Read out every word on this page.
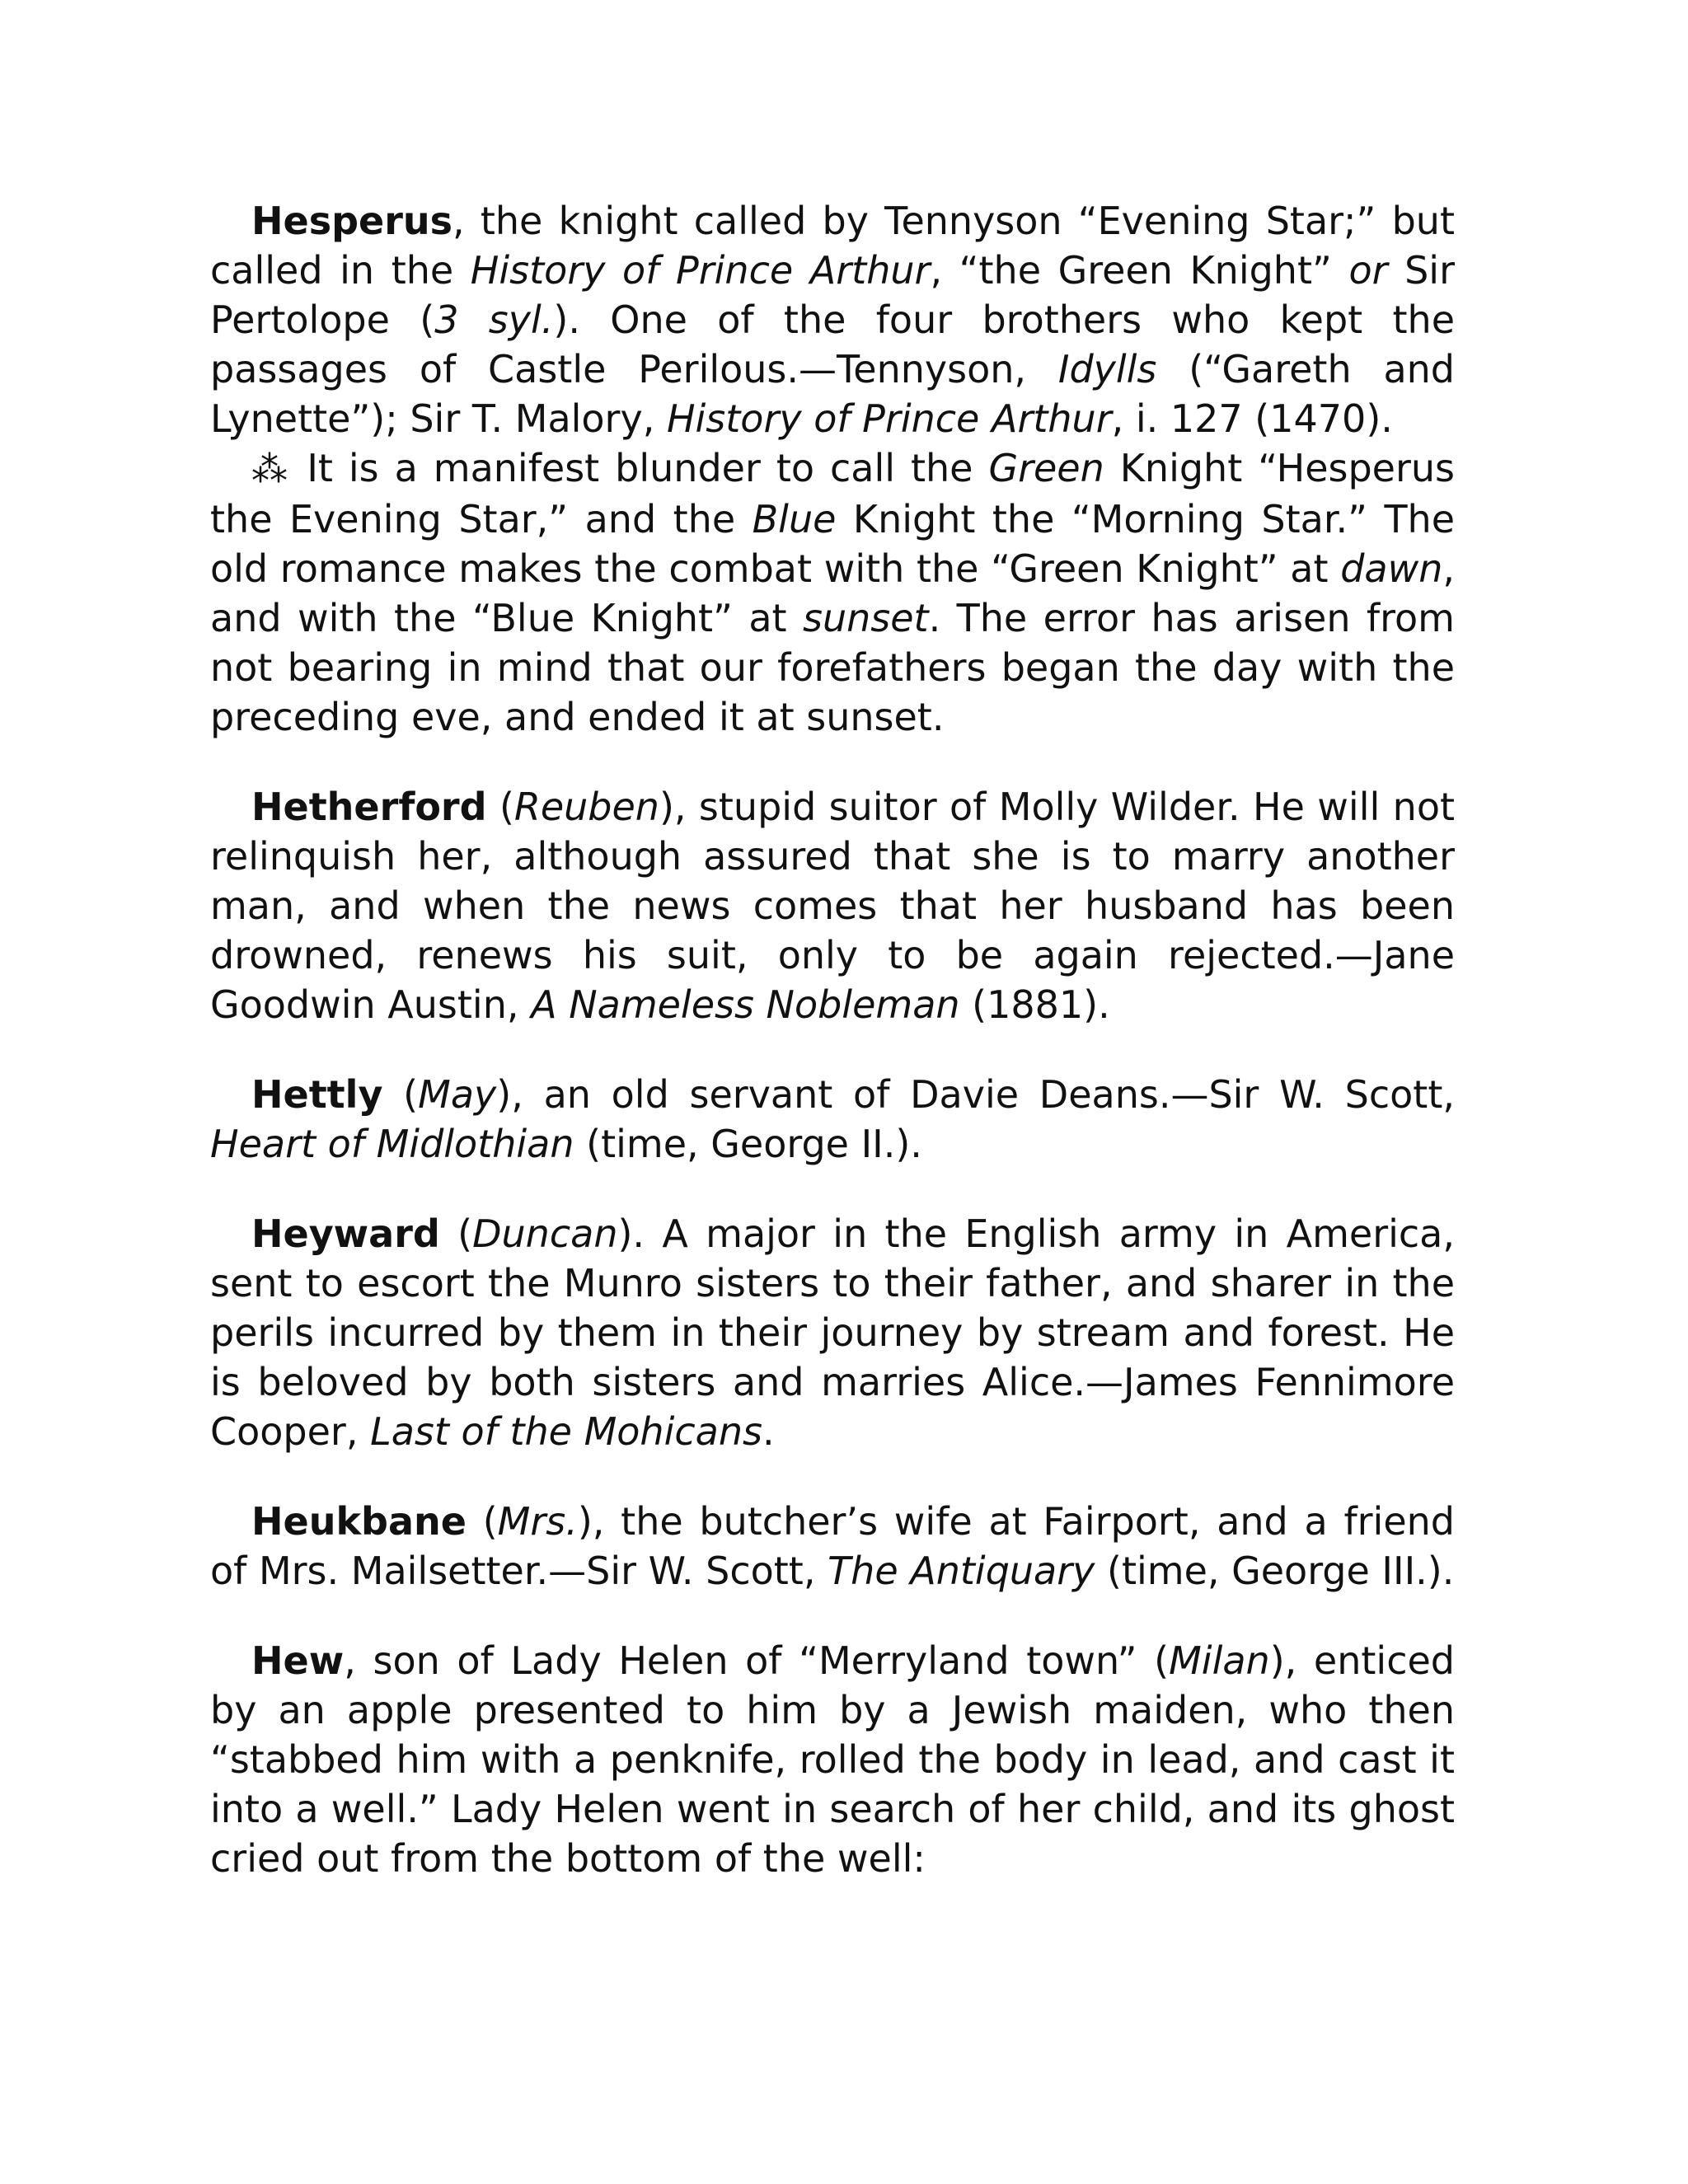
Hesperus, the knight called by Tennyson “Evening Star;” but called in the History of Prince Arthur, “the Green Knight” or Sir Pertolope (3 syl.). One of the four brothers who kept the passages of Castle Perilous.—Tennyson, Idylls (“Gareth and Lynette”); Sir T. Malory, History of Prince Arthur, i. 127 (1470).

⁂ It is a manifest blunder to call the Green Knight “Hesperus the Evening Star,” and the Blue Knight the “Morning Star.” The old romance makes the combat with the “Green Knight” at dawn, and with the “Blue Knight” at sunset. The error has arisen from not bearing in mind that our forefathers began the day with the preceding eve, and ended it at sunset.

Hetherford (Reuben), stupid suitor of Molly Wilder. He will not relinquish her, although assured that she is to marry another man, and when the news comes that her husband has been drowned, renews his suit, only to be again rejected.—Jane Goodwin Austin, A Nameless Nobleman (1881).

Hettly (May), an old servant of Davie Deans.—Sir W. Scott, Heart of Midlothian (time, George II.).

Heyward (Duncan). A major in the English army in America, sent to escort the Munro sisters to their father, and sharer in the perils incurred by them in their journey by stream and forest. He is beloved by both sisters and marries Alice.—James Fennimore Cooper, Last of the Mohicans.

Heukbane (Mrs.), the butcher’s wife at Fairport, and a friend of Mrs. Mailsetter.—Sir W. Scott, The Antiquary (time, George III.).

Hew, son of Lady Helen of “Merryland town” (Milan), enticed by an apple presented to him by a Jewish maiden, who then “stabbed him with a penknife, rolled the body in lead, and cast it into a well.” Lady Helen went in search of her child, and its ghost cried out from the bottom of the well:
